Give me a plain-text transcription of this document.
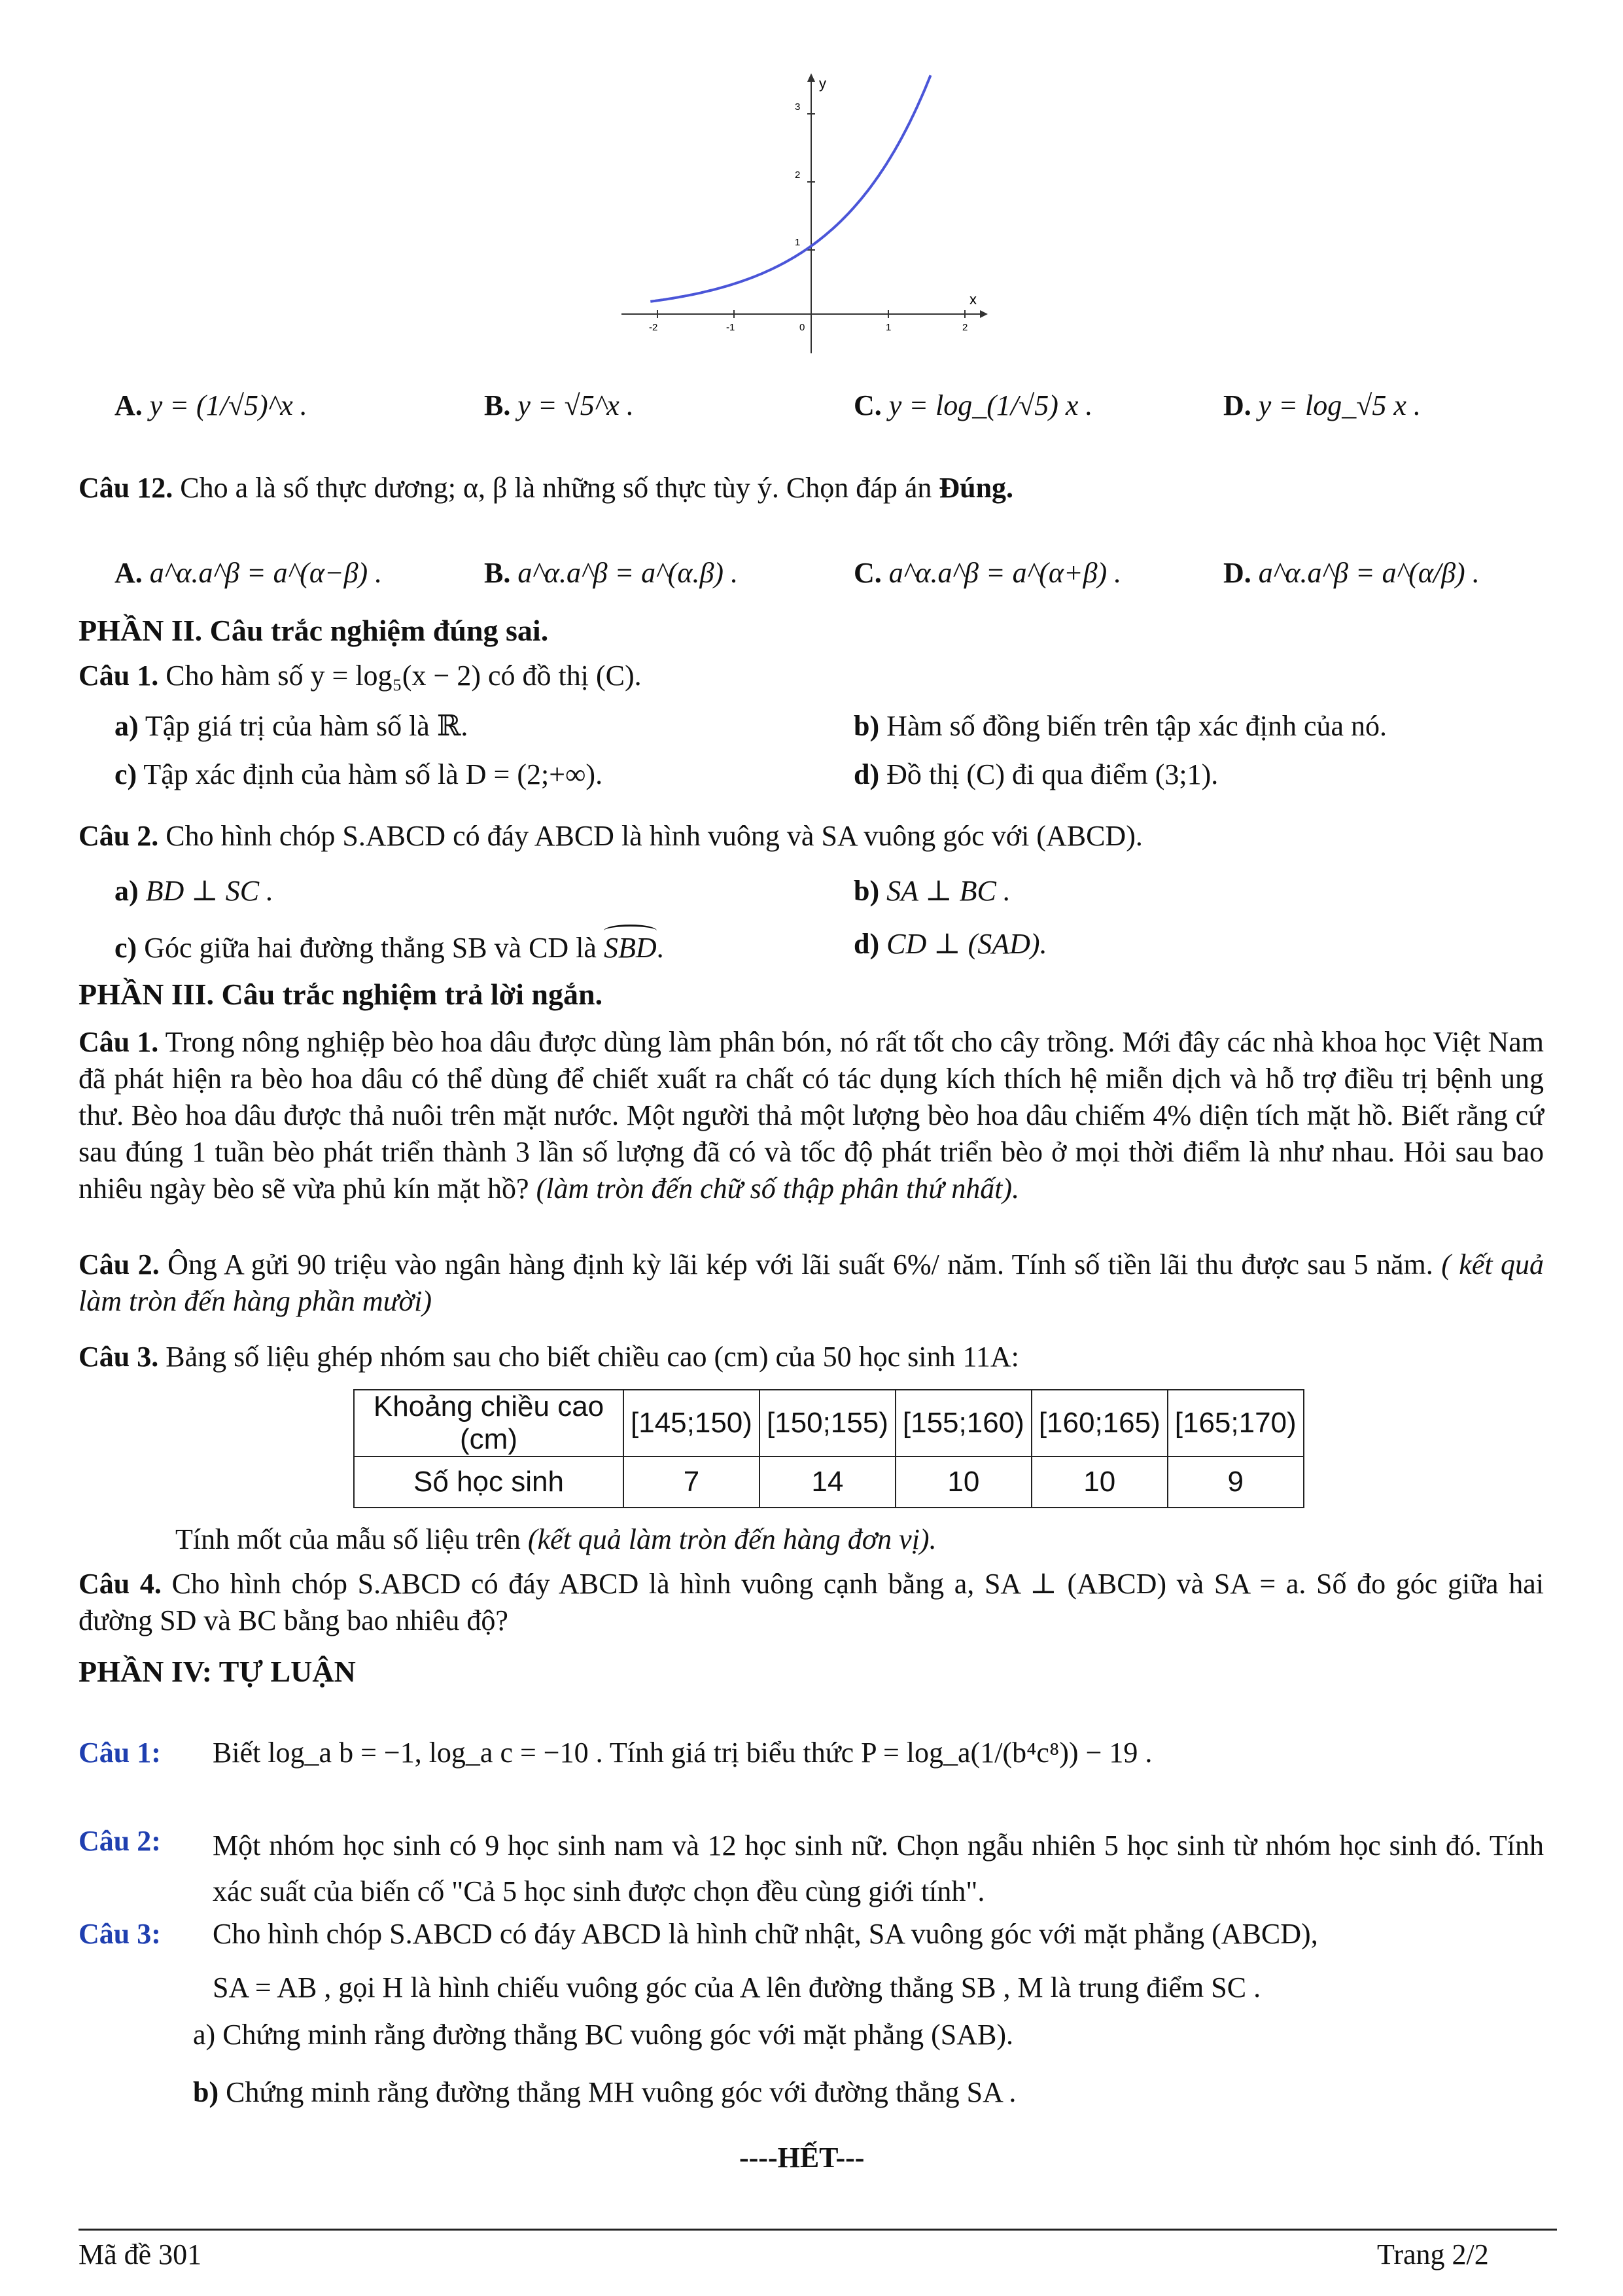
y
x
1
2
3
-2	-1	0	1	2
A. y = (1/√5)^x .	B. y = √5^x .	C. y = log_(1/√5) x .	D. y = log_√5 x .
Câu 12. Cho a là số thực dương; α, β là những số thực tùy ý. Chọn đáp án Đúng.
A. a^α.a^β = a^(α−β) .	B. a^α.a^β = a^(α.β) .	C. a^α.a^β = a^(α+β) .	D. a^α.a^β = a^(α/β) .
PHẦN II. Câu trắc nghiệm đúng sai.
Câu 1. Cho hàm số y = log₅(x − 2) có đồ thị (C).
a) Tập giá trị của hàm số là ℝ.	b) Hàm số đồng biến trên tập xác định của nó.
c) Tập xác định của hàm số là D = (2;+∞).	d) Đồ thị (C) đi qua điểm (3;1).
Câu 2. Cho hình chóp S.ABCD có đáy ABCD là hình vuông và SA vuông góc với (ABCD).
a) BD ⊥ SC .	b) SA ⊥ BC .
c) Góc giữa hai đường thẳng SB và CD là SBD.	d) CD ⊥ (SAD).
PHẦN III. Câu trắc nghiệm trả lời ngắn.
Câu 1. Trong nông nghiệp bèo hoa dâu được dùng làm phân bón, nó rất tốt cho cây trồng. Mới đây các nhà khoa học Việt Nam đã phát hiện ra bèo hoa dâu có thể dùng để chiết xuất ra chất có tác dụng kích thích hệ miễn dịch và hỗ trợ điều trị bệnh ung thư. Bèo hoa dâu được thả nuôi trên mặt nước. Một người thả một lượng bèo hoa dâu chiếm 4% diện tích mặt hồ. Biết rằng cứ sau đúng 1 tuần bèo phát triển thành 3 lần số lượng đã có và tốc độ phát triển bèo ở mọi thời điểm là như nhau. Hỏi sau bao nhiêu ngày bèo sẽ vừa phủ kín mặt hồ? (làm tròn đến chữ số thập phân thứ nhất).
Câu 2. Ông A gửi 90 triệu vào ngân hàng định kỳ lãi kép với lãi suất 6%/ năm. Tính số tiền lãi thu được sau 5 năm. ( kết quả làm tròn đến hàng phần mười)
Câu 3. Bảng số liệu ghép nhóm sau cho biết chiều cao (cm) của 50 học sinh 11A:
Khoảng chiều cao (cm)	[145;150)	[150;155)	[155;160)	[160;165)	[165;170)
Số học sinh	7	14	10	10	9
Tính mốt của mẫu số liệu trên (kết quả làm tròn đến hàng đơn vị).
Câu 4. Cho hình chóp S.ABCD có đáy ABCD là hình vuông cạnh bằng a, SA ⊥ (ABCD) và SA = a. Số đo góc giữa hai đường SD và BC bằng bao nhiêu độ?
PHẦN IV: TỰ LUẬN
Câu 1: Biết log_a b = −1, log_a c = −10 . Tính giá trị biểu thức P = log_a(1/(b⁴c⁸)) − 19 .
Câu 2: Một nhóm học sinh có 9 học sinh nam và 12 học sinh nữ. Chọn ngẫu nhiên 5 học sinh từ nhóm học sinh đó. Tính xác suất của biến cố "Cả 5 học sinh được chọn đều cùng giới tính".
Câu 3: Cho hình chóp S.ABCD có đáy ABCD là hình chữ nhật, SA vuông góc với mặt phẳng (ABCD),
SA = AB , gọi H là hình chiếu vuông góc của A lên đường thẳng SB , M là trung điểm SC .
a) Chứng minh rằng đường thẳng BC vuông góc với mặt phẳng (SAB).
b) Chứng minh rằng đường thẳng MH vuông góc với đường thẳng SA .
----HẾT---
Mã đề 301	Trang 2/2
